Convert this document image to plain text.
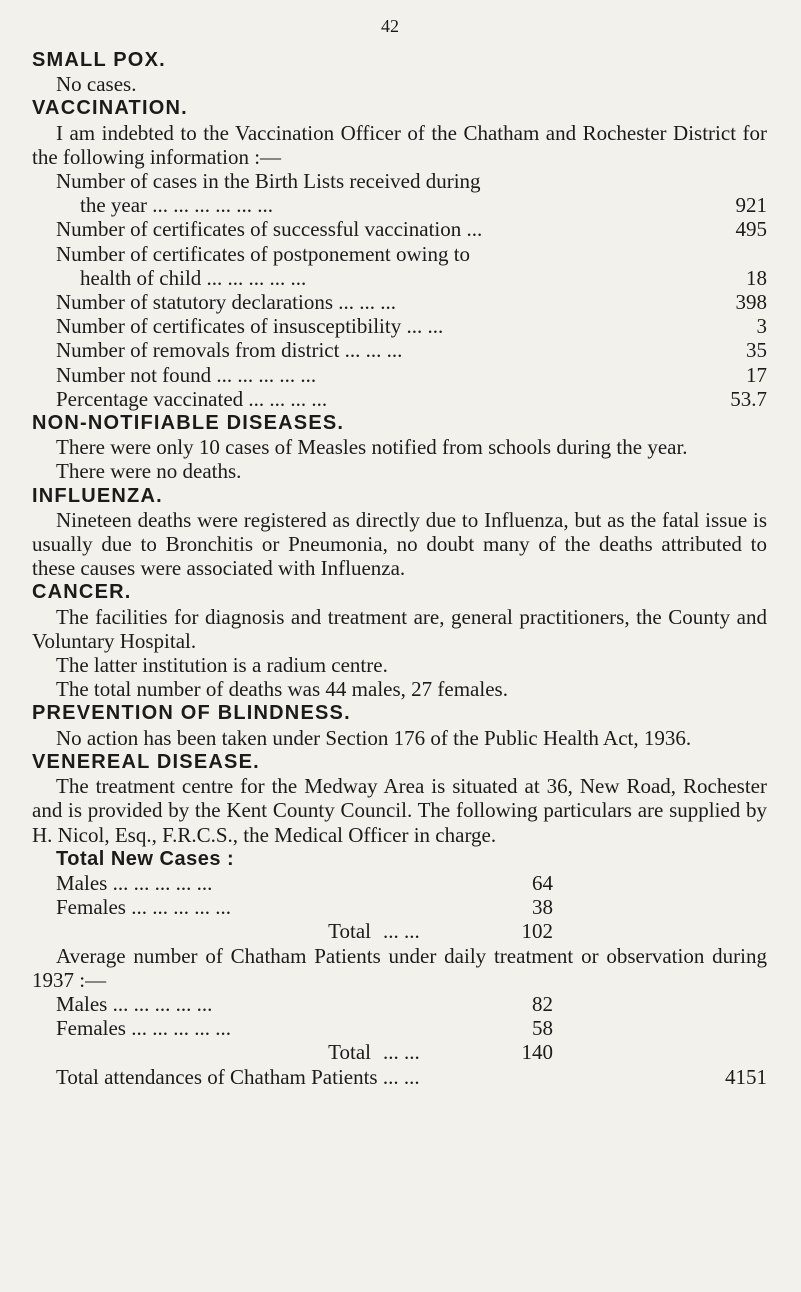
42

SMALL POX.

No cases.

VACCINATION.

I am indebted to the Vaccination Officer of the Chatham and Rochester District for the following information :—

Number of cases in the Birth Lists received during

the year ... ... ... ... ... ...	921
Number of certificates of successful vaccination ...	495

Number of certificates of postponement owing to

health of child ... ... ... ... ...	18
Number of statutory declarations ... ... ...	398
Number of certificates of insusceptibility ... ...	3
Number of removals from district ... ... ...	35
Number not found ... ... ... ... ...	17
Percentage vaccinated ... ... ... ...	53.7

NON-NOTIFIABLE DISEASES.

There were only 10 cases of Measles notified from schools during the year.

There were no deaths.

INFLUENZA.

Nineteen deaths were registered as directly due to Influenza, but as the fatal issue is usually due to Bronchitis or Pneumonia, no doubt many of the deaths attributed to these causes were associated with Influenza.

CANCER.

The facilities for diagnosis and treatment are, general practitioners, the County and Voluntary Hospital.

The latter institution is a radium centre.

The total number of deaths was 44 males, 27 females.

PREVENTION OF BLINDNESS.

No action has been taken under Section 176 of the Public Health Act, 1936.

VENEREAL DISEASE.

The treatment centre for the Medway Area is situated at 36, New Road, Rochester and is provided by the Kent County Council. The following particulars are supplied by H. Nicol, Esq., F.R.C.S., the Medical Officer in charge.

Total New Cases :

Males ... ... ... ... ...	64
Females ... ... ... ... ...	38
Total ... ...	102

Average number of Chatham Patients under daily treatment or observation during 1937 :—

Males ... ... ... ... ...	82
Females ... ... ... ... ...	58
Total ... ...	140
Total attendances of Chatham Patients ... ...	4151
